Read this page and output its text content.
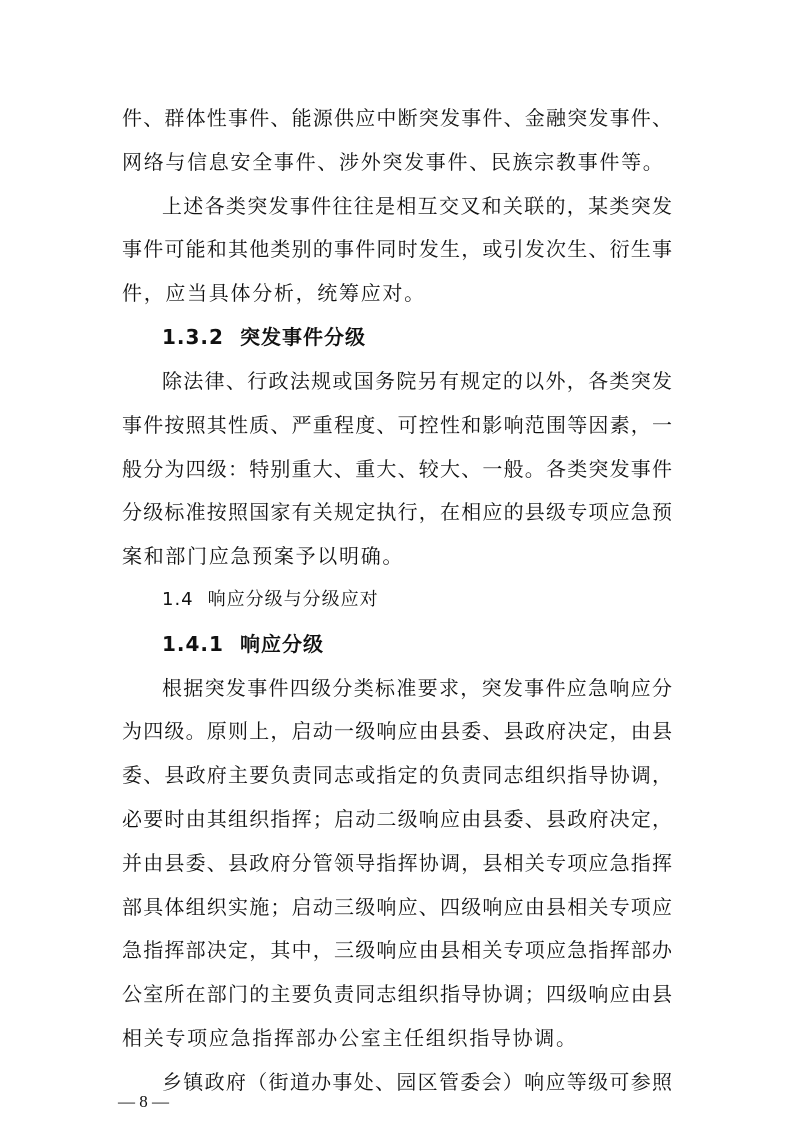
件、群体性事件、能源供应中断突发事件、金融突发事件、
网络与信息安全事件、涉外突发事件、民族宗教事件等。
上述各类突发事件往往是相互交叉和关联的，某类突发
事件可能和其他类别的事件同时发生，或引发次生、衍生事
件，应当具体分析，统筹应对。
1.3.2 突发事件分级
除法律、行政法规或国务院另有规定的以外，各类突发
事件按照其性质、严重程度、可控性和影响范围等因素，一
般分为四级：特别重大、重大、较大、一般。各类突发事件
分级标准按照国家有关规定执行，在相应的县级专项应急预
案和部门应急预案予以明确。
1.4 响应分级与分级应对
1.4.1 响应分级
根据突发事件四级分类标准要求，突发事件应急响应分
为四级。原则上，启动一级响应由县委、县政府决定，由县
委、县政府主要负责同志或指定的负责同志组织指导协调，
必要时由其组织指挥；启动二级响应由县委、县政府决定，
并由县委、县政府分管领导指挥协调，县相关专项应急指挥
部具体组织实施；启动三级响应、四级响应由县相关专项应
急指挥部决定，其中，三级响应由县相关专项应急指挥部办
公室所在部门的主要负责同志组织指导协调；四级响应由县
相关专项应急指挥部办公室主任组织指导协调。
乡镇政府（街道办事处、园区管委会）响应等级可参照
— 8 —
